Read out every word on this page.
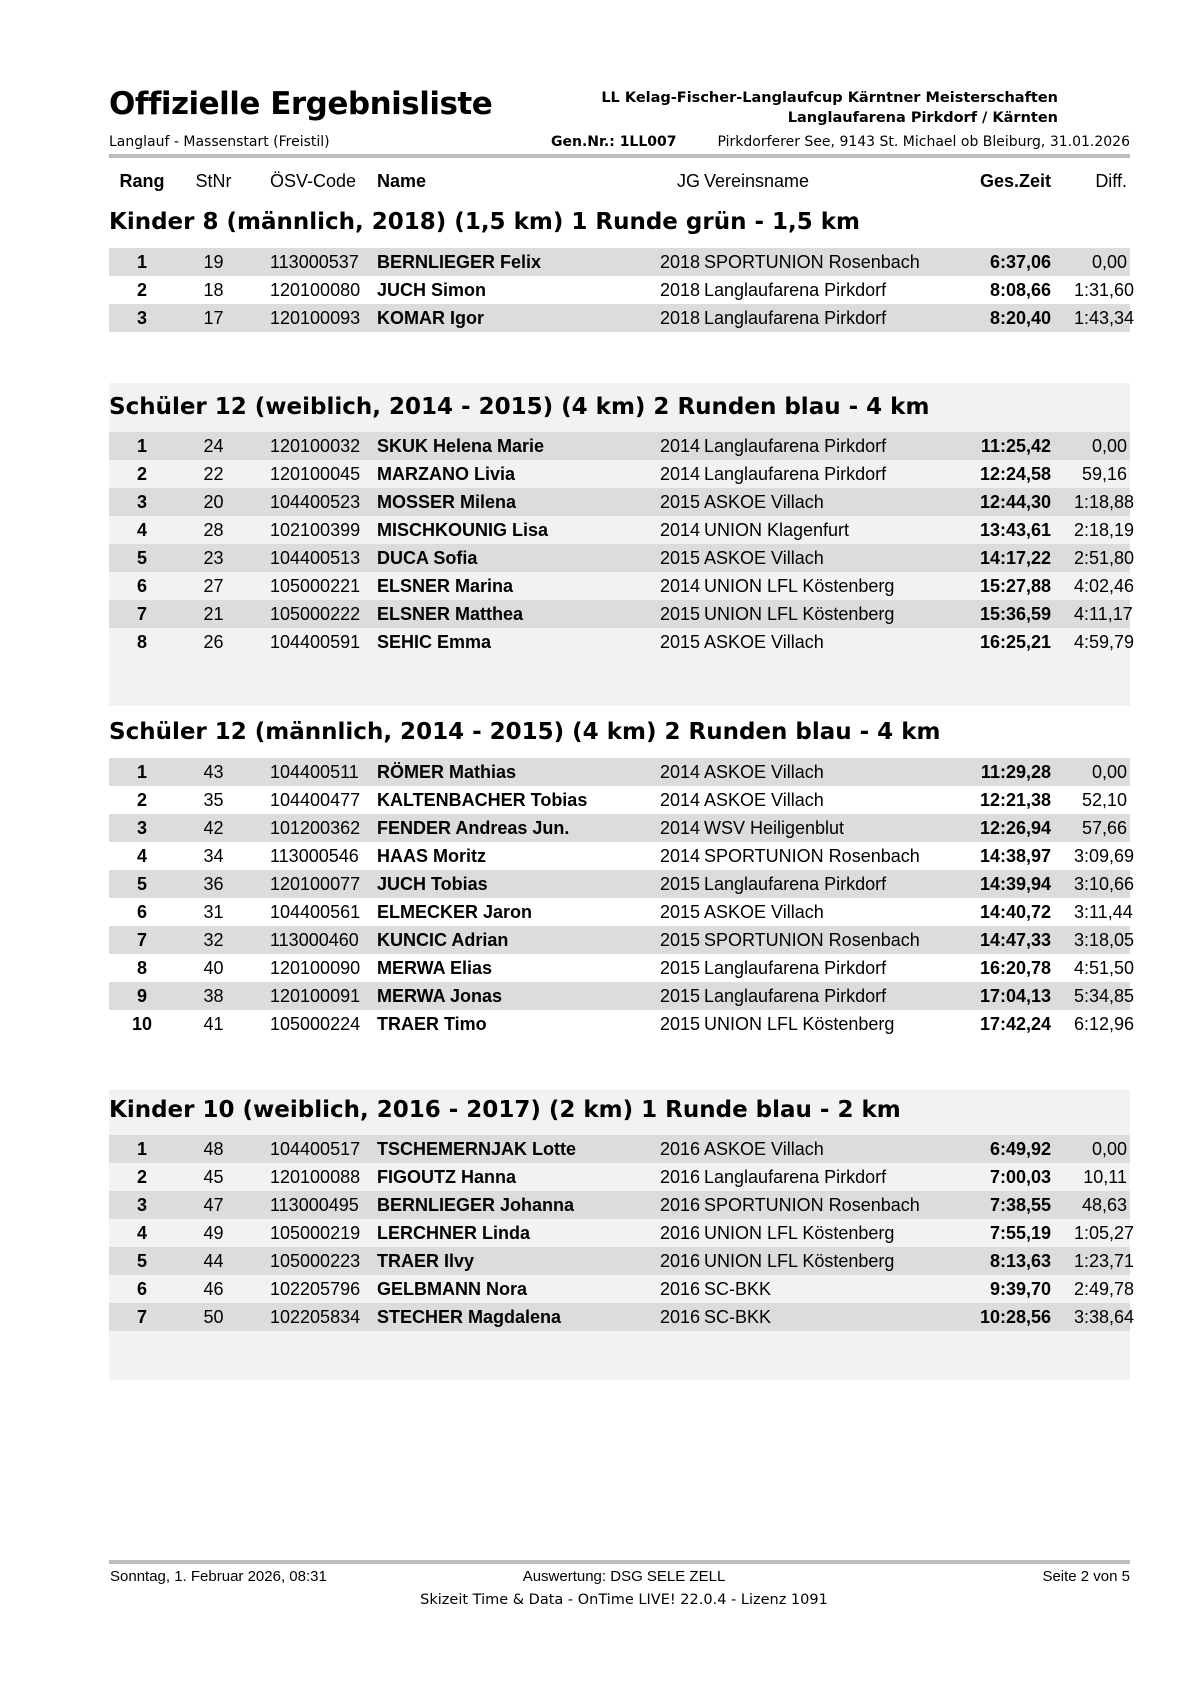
Offizielle Ergebnisliste	LL Kelag-Fischer-Langlaufcup Kärntner Meisterschaften
Langlaufarena Pirkdorf / Kärnten
Langlauf - Massenstart (Freistil)	Gen.Nr.: 1LL007	Pirkdorferer See, 9143 St. Michael ob Bleiburg, 31.01.2026
Rang	StNr ÖSV-Code Name	JG Vereinsname	Ges.Zeit	Diff.
Kinder 8 (männlich, 2018) (1,5 km) 1 Runde grün - 1,5 km
1	19	113000537 BERNLIEGER Felix	2018 SPORTUNION Rosenbach	6:37,06	0,00
2	18	120100080 JUCH Simon	2018 Langlaufarena Pirkdorf	8:08,66 1:31,60
3	17	120100093 KOMAR Igor	2018 Langlaufarena Pirkdorf	8:20,40 1:43,34
Schüler 12 (weiblich, 2014 - 2015) (4 km) 2 Runden blau - 4 km
1	24	120100032 SKUK Helena Marie	2014 Langlaufarena Pirkdorf	11:25,42	0,00
2	22	120100045 MARZANO Livia	2014 Langlaufarena Pirkdorf	12:24,58	59,16
3	20	104400523 MOSSER Milena	2015 ASKOE Villach	12:44,30 1:18,88
4	28	102100399 MISCHKOUNIG Lisa	2014 UNION Klagenfurt	13:43,61 2:18,19
5	23	104400513 DUCA Sofia	2015 ASKOE Villach	14:17,22 2:51,80
6	27	105000221 ELSNER Marina	2014 UNION LFL Köstenberg	15:27,88 4:02,46
7	21	105000222 ELSNER Matthea	2015 UNION LFL Köstenberg	15:36,59 4:11,17
8	26	104400591 SEHIC Emma	2015 ASKOE Villach	16:25,21 4:59,79
Schüler 12 (männlich, 2014 - 2015) (4 km) 2 Runden blau - 4 km
1	43	104400511 RÖMER Mathias	2014 ASKOE Villach	11:29,28	0,00
2	35	104400477 KALTENBACHER Tobias	2014 ASKOE Villach	12:21,38	52,10
3	42	101200362 FENDER Andreas Jun.	2014 WSV Heiligenblut	12:26,94	57,66
4	34	113000546 HAAS Moritz	2014 SPORTUNION Rosenbach	14:38,97 3:09,69
5	36	120100077 JUCH Tobias	2015 Langlaufarena Pirkdorf	14:39,94 3:10,66
6	31	104400561 ELMECKER Jaron	2015 ASKOE Villach	14:40,72 3:11,44
7	32	113000460 KUNCIC Adrian	2015 SPORTUNION Rosenbach	14:47,33 3:18,05
8	40	120100090 MERWA Elias	2015 Langlaufarena Pirkdorf	16:20,78 4:51,50
9	38	120100091 MERWA Jonas	2015 Langlaufarena Pirkdorf	17:04,13 5:34,85
10	41	105000224 TRAER Timo	2015 UNION LFL Köstenberg	17:42,24 6:12,96
Kinder 10 (weiblich, 2016 - 2017) (2 km) 1 Runde blau - 2 km
1	48	104400517 TSCHEMERNJAK Lotte	2016 ASKOE Villach	6:49,92	0,00
2	45	120100088 FIGOUTZ Hanna	2016 Langlaufarena Pirkdorf	7:00,03	10,11
3	47	113000495 BERNLIEGER Johanna	2016 SPORTUNION Rosenbach	7:38,55	48,63
4	49	105000219 LERCHNER Linda	2016 UNION LFL Köstenberg	7:55,19 1:05,27
5	44	105000223 TRAER Ilvy	2016 UNION LFL Köstenberg	8:13,63 1:23,71
6	46	102205796 GELBMANN Nora	2016 SC-BKK	9:39,70 2:49,78
7	50	102205834 STECHER Magdalena	2016 SC-BKK	10:28,56 3:38,64
Sonntag, 1. Februar 2026, 08:31	Auswertung: DSG SELE ZELL	Seite 2 von 5
Skizeit Time & Data - OnTime LIVE! 22.0.4 - Lizenz 1091
